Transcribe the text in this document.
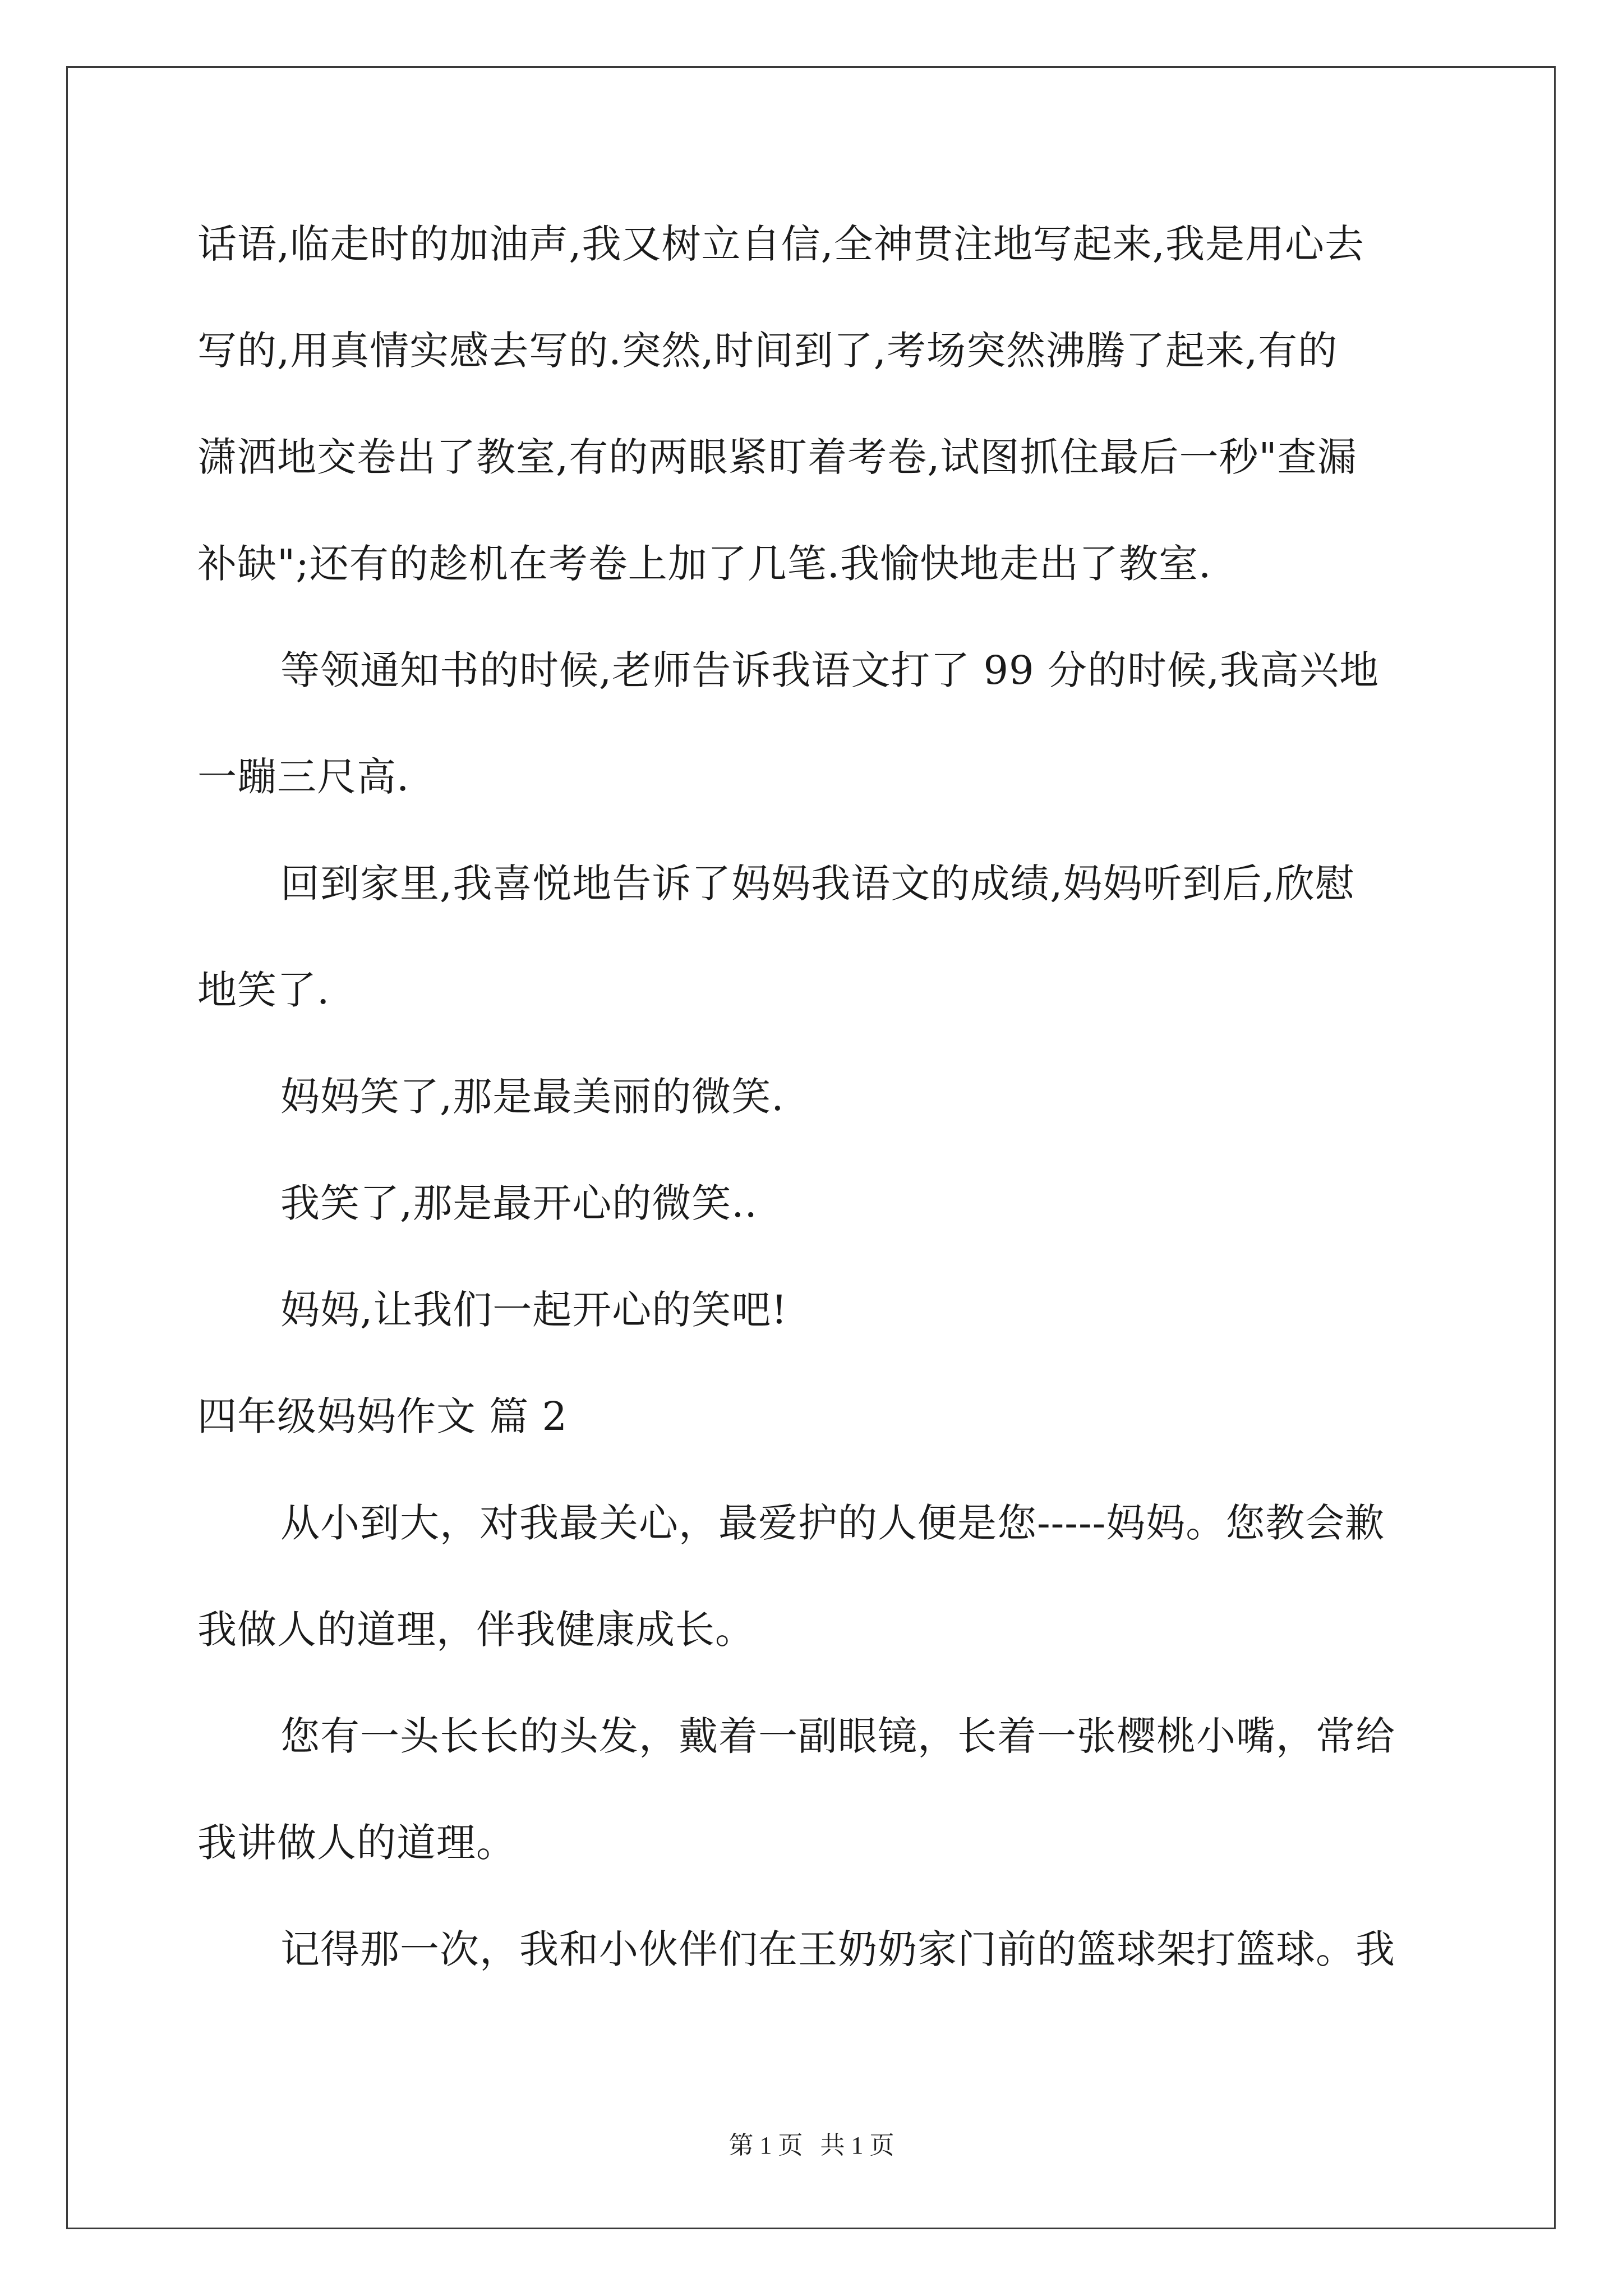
话语,临走时的加油声,我又树立自信,全神贯注地写起来,我是用心去
写的,用真情实感去写的.突然,时间到了,考场突然沸腾了起来,有的
潇洒地交卷出了教室,有的两眼紧盯着考卷,试图抓住最后一秒"查漏
补缺";还有的趁机在考卷上加了几笔.我愉快地走出了教室.
等领通知书的时候,老师告诉我语文打了 99 分的时候,我高兴地
一蹦三尺高.
回到家里,我喜悦地告诉了妈妈我语文的成绩,妈妈听到后,欣慰
地笑了.
妈妈笑了,那是最美丽的微笑.
我笑了,那是最开心的微笑..
妈妈,让我们一起开心的笑吧!
四年级妈妈作文 篇 2
从小到大，对我最关心，最爱护的人便是您-----妈妈。您教会歉
我做人的道理，伴我健康成长。
您有一头长长的头发，戴着一副眼镜，长着一张樱桃小嘴，常给
我讲做人的道理。
记得那一次，我和小伙伴们在王奶奶家门前的篮球架打篮球。我
第 1 页 共 1 页
